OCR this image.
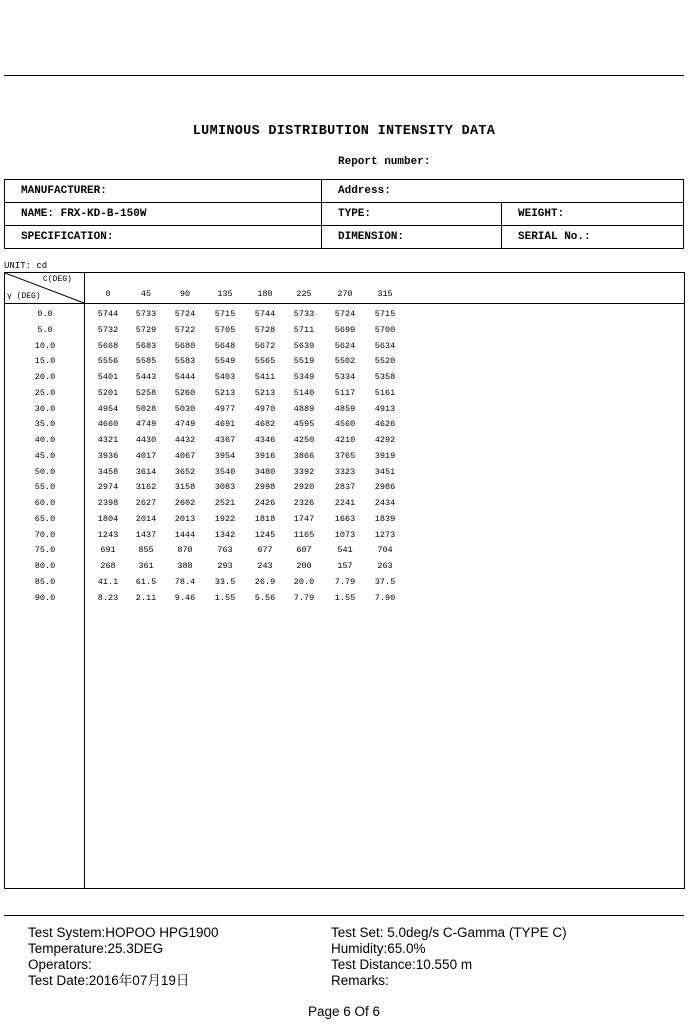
LUMINOUS DISTRIBUTION INTENSITY DATA
Report number:
MANUFACTURER:	Address:	
NAME: FRX-KD-B-150W	TYPE:	WEIGHT:
SPECIFICATION:	DIMENSION:	SERIAL No.:
UNIT: cd
C(DEG)
γ (DEG)	0	45	90	135	180	225	270	315
0.0	5744	5733	5724	5715	5744	5733	5724	5715
5.0	5732	5729	5722	5705	5728	5711	5699	5700
10.0	5668	5683	5680	5648	5672	5639	5624	5634
15.0	5556	5585	5583	5549	5565	5519	5502	5520
20.0	5401	5443	5444	5403	5411	5349	5334	5358
25.0	5201	5258	5260	5213	5213	5140	5117	5161
30.0	4954	5028	5030	4977	4970	4889	4859	4913
35.0	4660	4749	4749	4691	4682	4595	4560	4626
40.0	4321	4430	4432	4367	4346	4250	4210	4292
45.0	3936	4017	4067	3954	3916	3866	3765	3919
50.0	3458	3614	3652	3540	3480	3392	3323	3451
55.0	2974	3162	3158	3083	2998	2920	2837	2986
60.0	2398	2627	2602	2521	2426	2326	2241	2434
65.0	1804	2014	2013	1922	1818	1747	1663	1839
70.0	1243	1437	1444	1342	1245	1165	1073	1273
75.0	691	855	870	763	677	607	541	704
80.0	268	361	388	293	243	200	157	263
85.0	41.1	61.5	78.4	33.5	26.9	20.0	7.79	37.5
90.0	8.23	2.11	9.46	1.55	5.56	7.79	1.55	7.90
Test System:HOPOO HPG1900
Temperature:25.3DEG
Operators:
Test Date:2016年07月19日
Test Set: 5.0deg/s C-Gamma (TYPE C)
Humidity:65.0%
Test Distance:10.550 m
Remarks:
Page 6 Of 6
